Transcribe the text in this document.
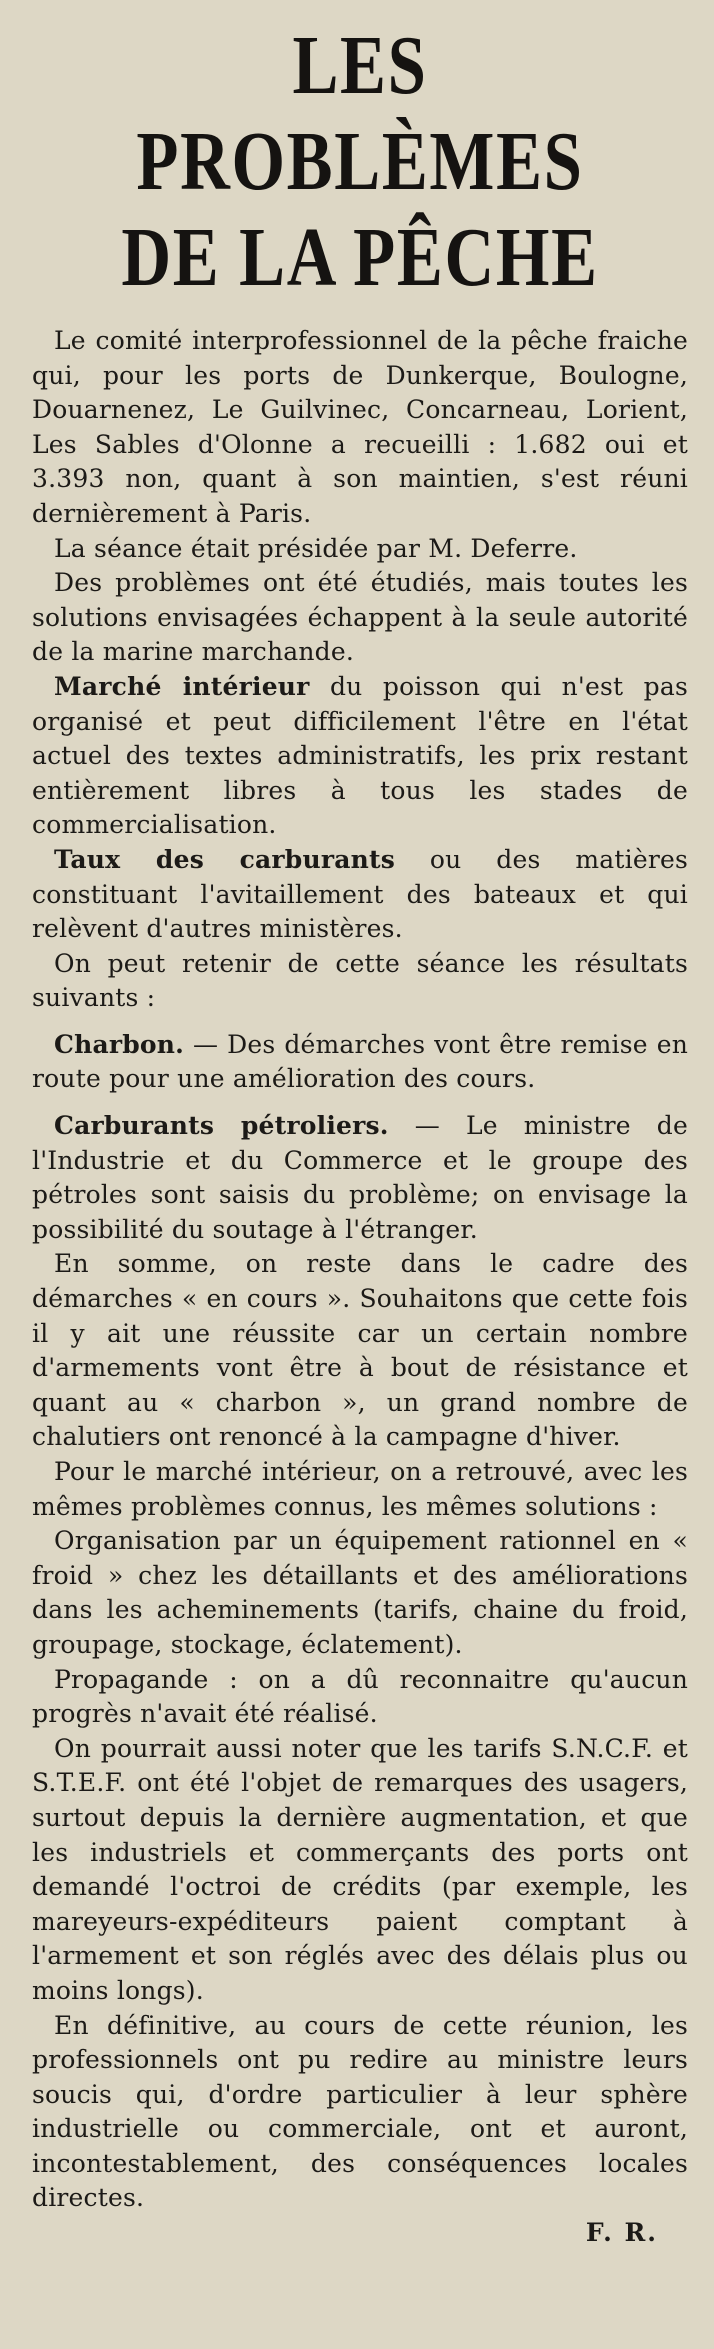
LES PROBLÈMES
DE LA PÊCHE

Le comité interprofessionnel de la pêche fraiche qui, pour les ports de Dunkerque, Boulogne, Douarnenez, Le Guilvinec, Concarneau, Lorient, Les Sables d'Olonne a recueilli : 1.682 oui et 3.393 non, quant à son maintien, s'est réuni dernièrement à Paris.

La séance était présidée par M. Deferre.

Des problèmes ont été étudiés, mais toutes les solutions envisagées échappent à la seule autorité de la marine marchande.

Marché intérieur du poisson qui n'est pas organisé et peut difficilement l'être en l'état actuel des textes administratifs, les prix restant entièrement libres à tous les stades de commercialisation.

Taux des carburants ou des matières constituant l'avitaillement des bateaux et qui relèvent d'autres ministères.

On peut retenir de cette séance les résultats suivants :

Charbon. — Des démarches vont être remise en route pour une amélioration des cours.

Carburants pétroliers. — Le ministre de l'Industrie et du Commerce et le groupe des pétroles sont saisis du problème; on envisage la possibilité du soutage à l'étranger.

En somme, on reste dans le cadre des démarches « en cours ». Souhaitons que cette fois il y ait une réussite car un certain nombre d'armements vont être à bout de résistance et quant au « charbon », un grand nombre de chalutiers ont renoncé à la campagne d'hiver.

Pour le marché intérieur, on a retrouvé, avec les mêmes problèmes connus, les mêmes solutions :

Organisation par un équipement rationnel en « froid » chez les détaillants et des améliorations dans les acheminements (tarifs, chaine du froid, groupage, stockage, éclatement).

Propagande : on a dû reconnaitre qu'aucun progrès n'avait été réalisé.

On pourrait aussi noter que les tarifs S.N.C.F. et S.T.E.F. ont été l'objet de remarques des usagers, surtout depuis la dernière augmentation, et que les industriels et commerçants des ports ont demandé l'octroi de crédits (par exemple, les mareyeurs-expéditeurs paient comptant à l'armement et son réglés avec des délais plus ou moins longs).

En définitive, au cours de cette réunion, les professionnels ont pu redire au ministre leurs soucis qui, d'ordre particulier à leur sphère industrielle ou commerciale, ont et auront, incontestablement, des conséquences locales directes.

F. R.
